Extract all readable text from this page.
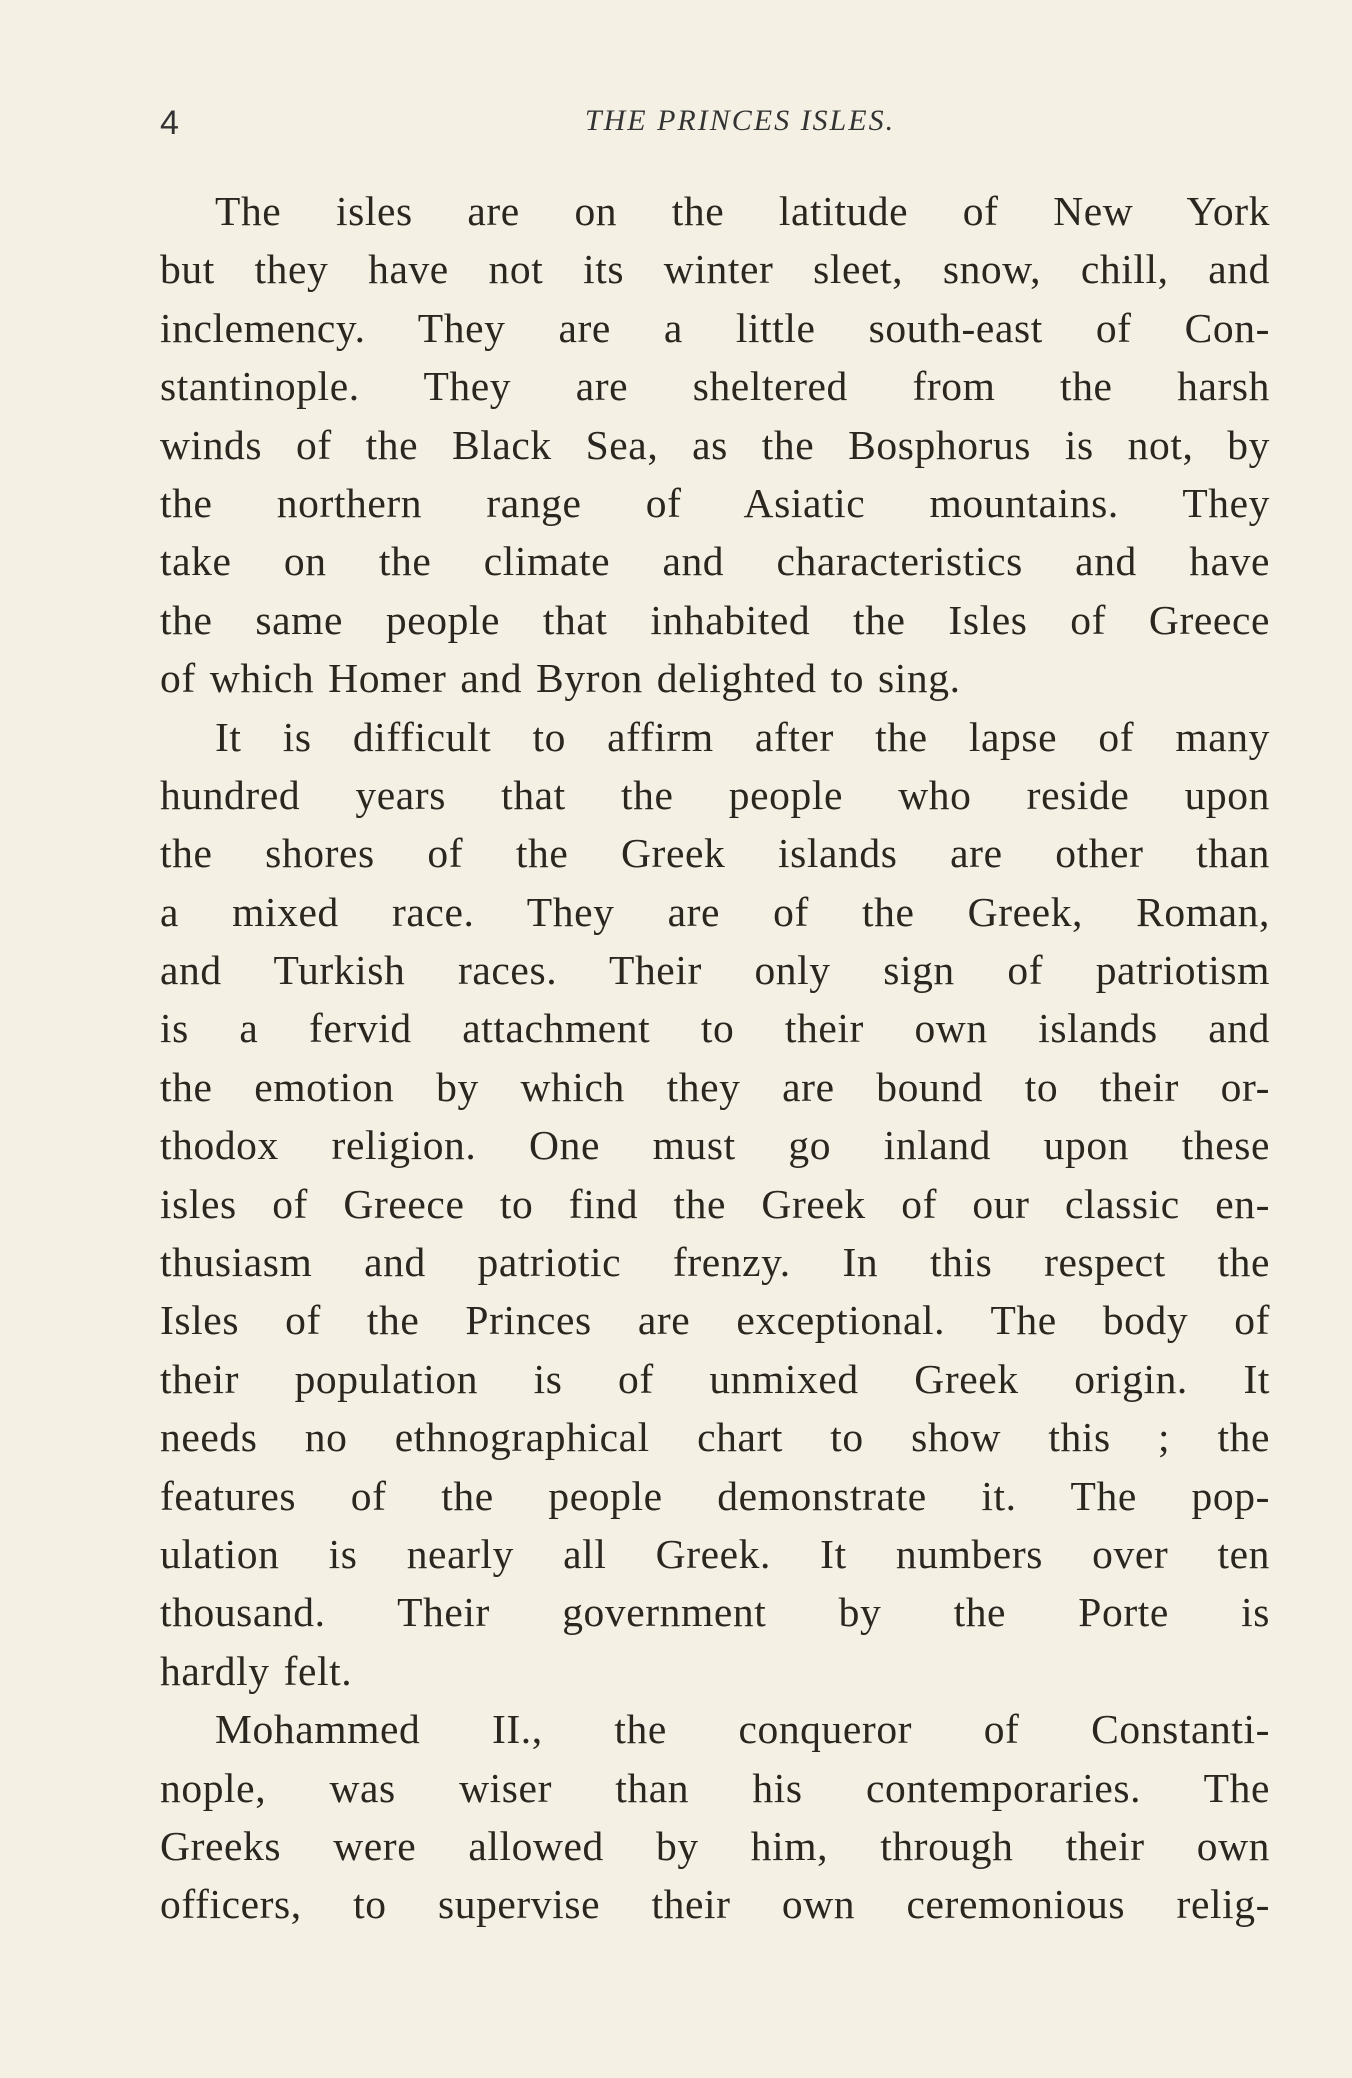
4	THE PRINCES ISLES.
The isles are on the latitude of New York
but they have not its winter sleet, snow, chill, and
inclemency. They are a little south-east of Con-
stantinople. They are sheltered from the harsh
winds of the Black Sea, as the Bosphorus is not, by
the northern range of Asiatic mountains. They
take on the climate and characteristics and have
the same people that inhabited the Isles of Greece
of which Homer and Byron delighted to sing.
It is difficult to affirm after the lapse of many
hundred years that the people who reside upon
the shores of the Greek islands are other than
a mixed race. They are of the Greek, Roman,
and Turkish races. Their only sign of patriotism
is a fervid attachment to their own islands and
the emotion by which they are bound to their or-
thodox religion. One must go inland upon these
isles of Greece to find the Greek of our classic en-
thusiasm and patriotic frenzy. In this respect the
Isles of the Princes are exceptional. The body of
their population is of unmixed Greek origin. It
needs no ethnographical chart to show this ; the
features of the people demonstrate it. The pop-
ulation is nearly all Greek. It numbers over ten
thousand. Their government by the Porte is
hardly felt.
Mohammed II., the conqueror of Constanti-
nople, was wiser than his contemporaries. The
Greeks were allowed by him, through their own
officers, to supervise their own ceremonious relig-
